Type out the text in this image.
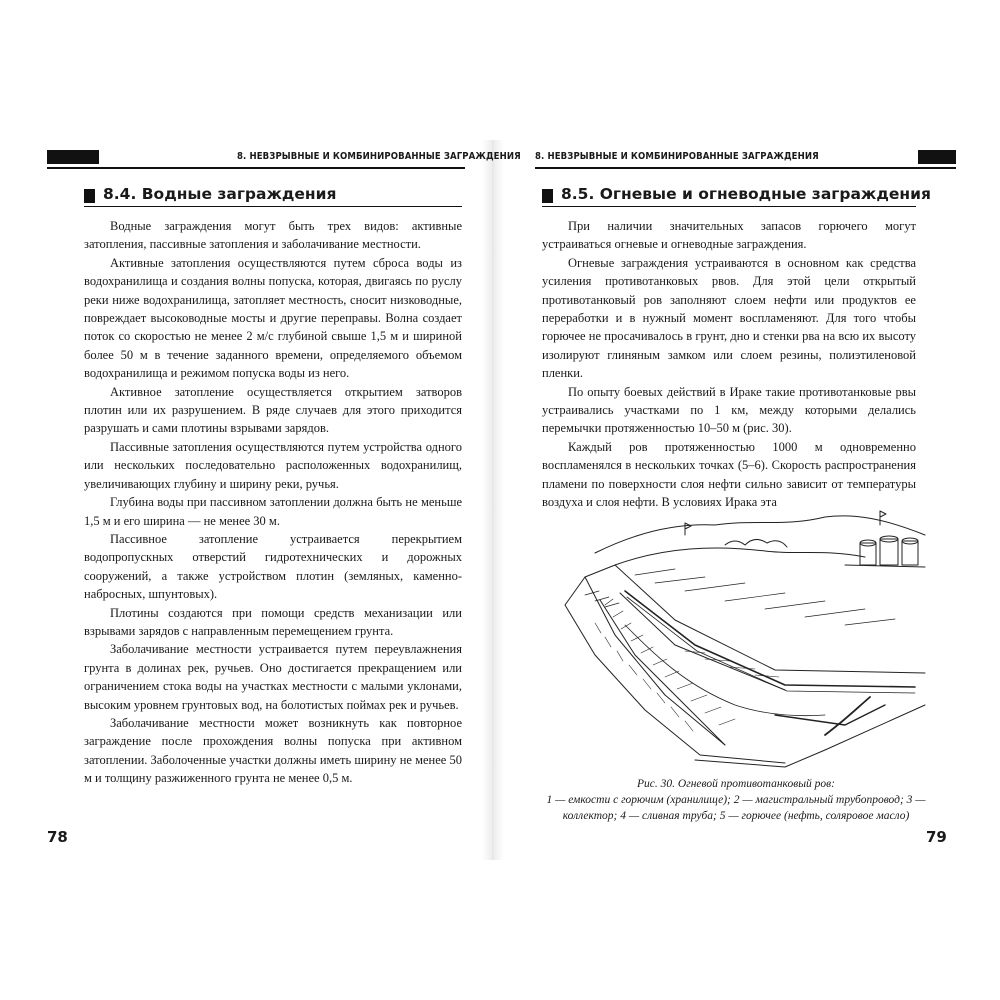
8. НЕВЗРЫВНЫЕ И КОМБИНИРОВАННЫЕ ЗАГРАЖДЕНИЯ
8.4. Водные заграждения

Водные заграждения могут быть трех видов: активные затопления, пассивные затопления и заболачивание местности.

Активные затопления осуществляются путем сброса воды из водохранилища и создания волны попуска, которая, двигаясь по руслу реки ниже водохранилища, затопляет местность, сносит низководные, повреждает высоководные мосты и другие переправы. Волна создает поток со скоростью не менее 2 м/с глубиной свыше 1,5 м и шириной более 50 м в течение заданного времени, определяемого объемом водохранилища и режимом попуска воды из него.

Активное затопление осуществляется открытием затворов плотин или их разрушением. В ряде случаев для этого приходится разрушать и сами плотины взрывами зарядов.

Пассивные затопления осуществляются путем устройства одного или нескольких последовательно расположенных водохранилищ, увеличивающих глубину и ширину реки, ручья.

Глубина воды при пассивном затоплении должна быть не меньше 1,5 м и его ширина — не менее 30 м.

Пассивное затопление устраивается перекрытием водопропускных отверстий гидротехнических и дорожных сооружений, а также устройством плотин (земляных, каменно-набросных, шпунтовых).

Плотины создаются при помощи средств механизации или взрывами зарядов с направленным перемещением грунта.

Заболачивание местности устраивается путем переувлажнения грунта в долинах рек, ручьев. Оно достигается прекращением или ограничением стока воды на участках местности с малыми уклонами, высоким уровнем грунтовых вод, на болотистых поймах рек и ручьев.

Заболачивание местности может возникнуть как повторное заграждение после прохождения волны попуска при активном затоплении. Заболоченные участки должны иметь ширину не менее 50 м и толщину разжиженного грунта не менее 0,5 м.

78
8. НЕВЗРЫВНЫЕ И КОМБИНИРОВАННЫЕ ЗАГРАЖДЕНИЯ
8.5. Огневые и огневодные заграждения

При наличии значительных запасов горючего могут устраиваться огневые и огневодные заграждения.

Огневые заграждения устраиваются в основном как средства усиления противотанковых рвов. Для этой цели открытый противотанковый ров заполняют слоем нефти или продуктов ее переработки и в нужный момент воспламеняют. Для того чтобы горючее не просачивалось в грунт, дно и стенки рва на всю их высоту изолируют глиняным замком или слоем резины, полиэтиленовой пленки.

По опыту боевых действий в Ираке такие противотанковые рвы устраивались участками по 1 км, между которыми делались перемычки протяженностью 10–50 м (рис. 30).

Каждый ров протяженностью 1000 м одновременно воспламенялся в нескольких точках (5–6). Скорость распространения пламени по поверхности слоя нефти сильно зависит от температуры воздуха и слоя нефти. В условиях Ирака эта

79
Рис. 30. Огневой противотанковый ров:
1 — емкости с горючим (хранилище); 2 — магистральный трубопровод; 3 — коллектор; 4 — сливная труба; 5 — горючее (нефть, соляровое масло)
